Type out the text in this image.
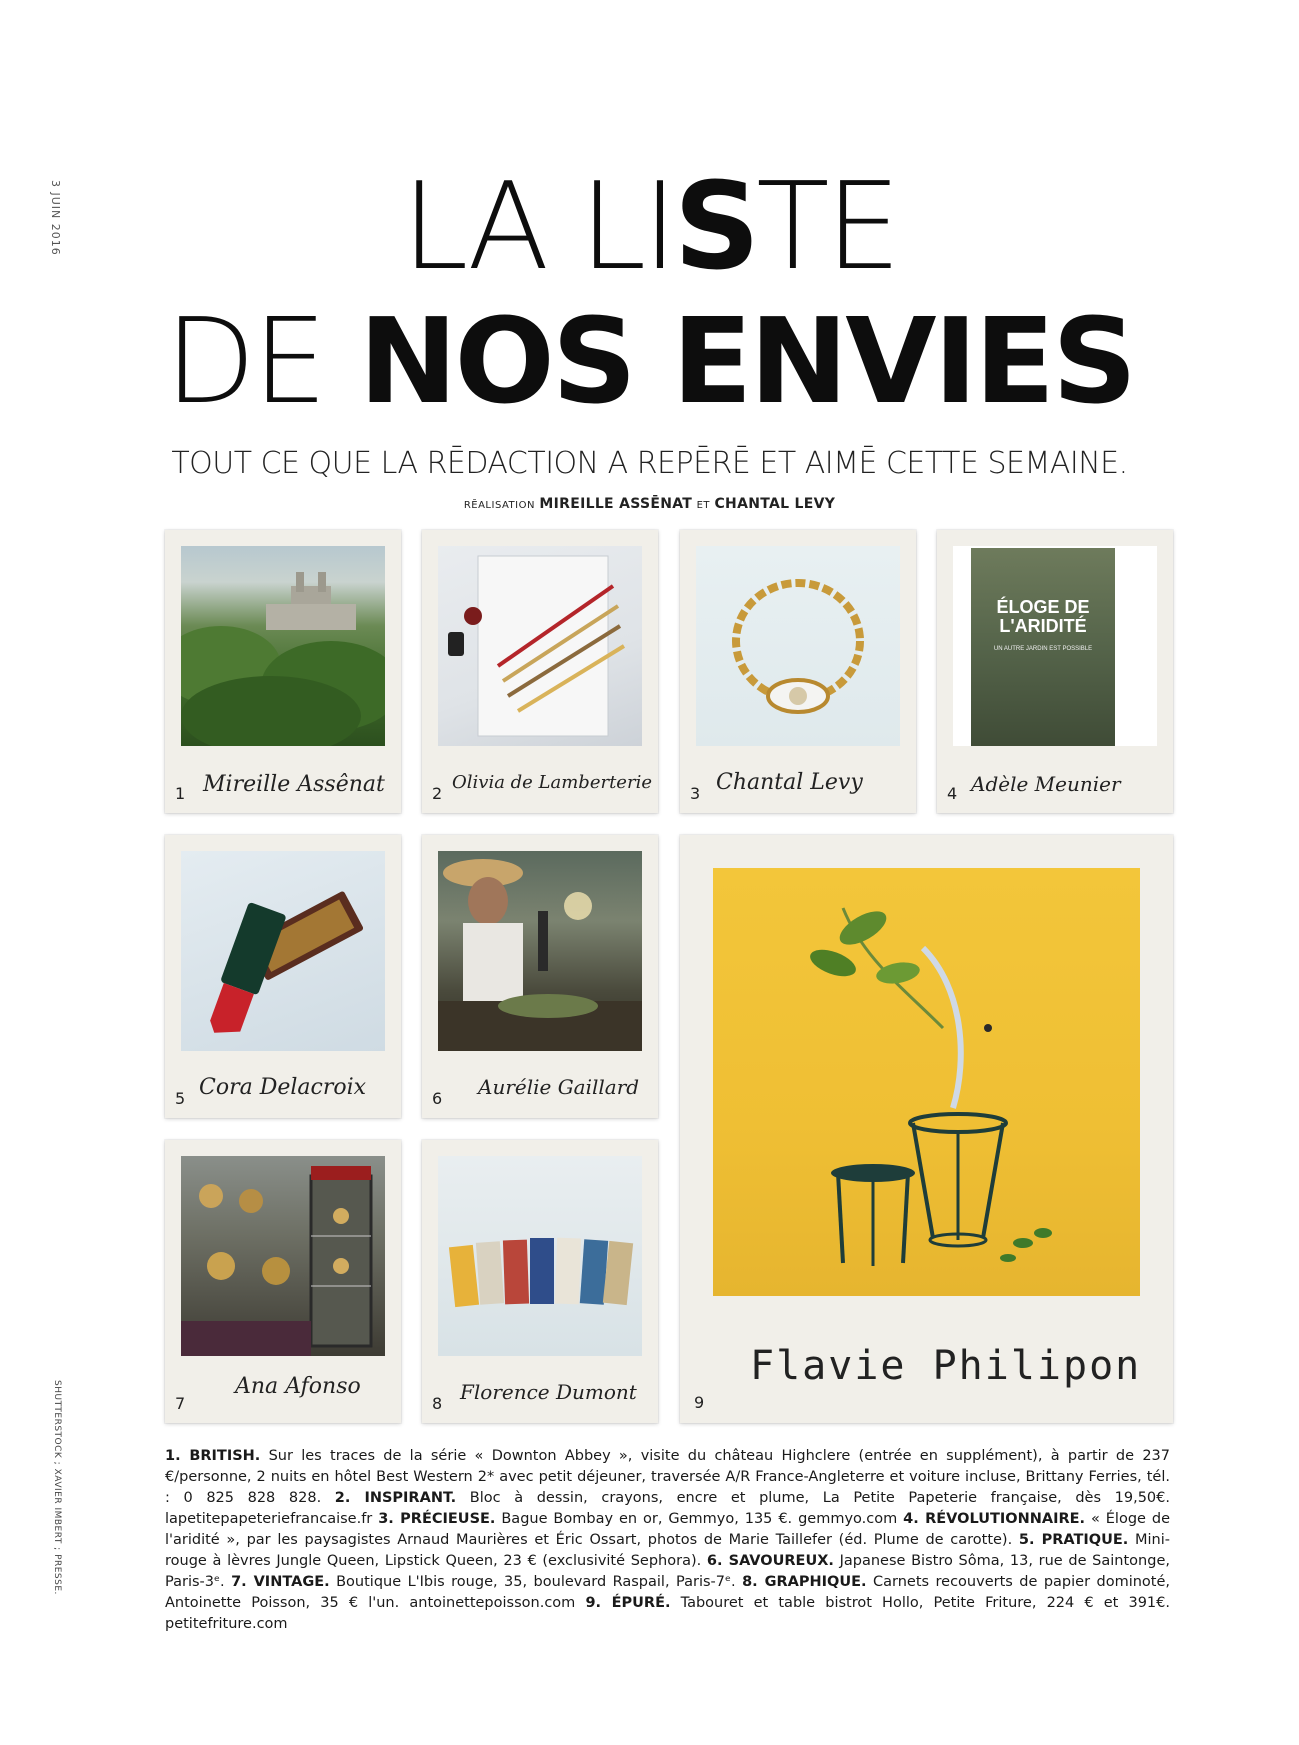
3 JUIN 2016
SHUTTERSTOCK ; XAVIER IMBERT ; PRESSE.
LA LISTE
DE NOS ENVIES
TOUT CE QUE LA RĒDACTION A REPĒRĒ ET AIMĒ CETTE SEMAINE.
RĒALISATION MIREILLE ASSĒNAT ET CHANTAL LEVY
1 Mireille Assênat	2
Olivia de Lamberterie
3 Chantal Levy
ÉLOGE DE L'ARIDITÉ
UN AUTRE JARDIN EST POSSIBLE
4 Adèle Meunier
5 Cora Delacroix	6 Aurélie Gaillard
7
Ana Afonso
8 Florence Dumont	9
Flavie Philipon
1. BRITISH. Sur les traces de la série « Downton Abbey », visite du château Highclere (entrée en supplément), à partir de 237 €/personne, 2 nuits en hôtel Best Western 2* avec petit déjeuner, traversée A/R France-Angleterre et voiture incluse, Brittany Ferries, tél. : 0 825 828 828. 2. INSPIRANT. Bloc à dessin, crayons, encre et plume, La Petite Papeterie française, dès 19,50€. lapetitepapeteriefrancaise.fr 3. PRÉCIEUSE. Bague Bombay en or, Gemmyo, 135 €. gemmyo.com 4. RÉVOLUTIONNAIRE. « Éloge de l'aridité », par les paysagistes Arnaud Maurières et Éric Ossart, photos de Marie Taillefer (éd. Plume de carotte). 5. PRATIQUE. Mini-rouge à lèvres Jungle Queen, Lipstick Queen, 23 € (exclusivité Sephora). 6. SAVOUREUX. Japanese Bistro Sôma, 13, rue de Saintonge, Paris-3ᵉ. 7. VINTAGE. Boutique L'Ibis rouge, 35, boulevard Raspail, Paris-7ᵉ. 8. GRAPHIQUE. Carnets recouverts de papier dominoté, Antoinette Poisson, 35 € l'un. antoinettepoisson.com 9. ÉPURÉ. Tabouret et table bistrot Hollo, Petite Friture, 224 € et 391€. petitefriture.com
